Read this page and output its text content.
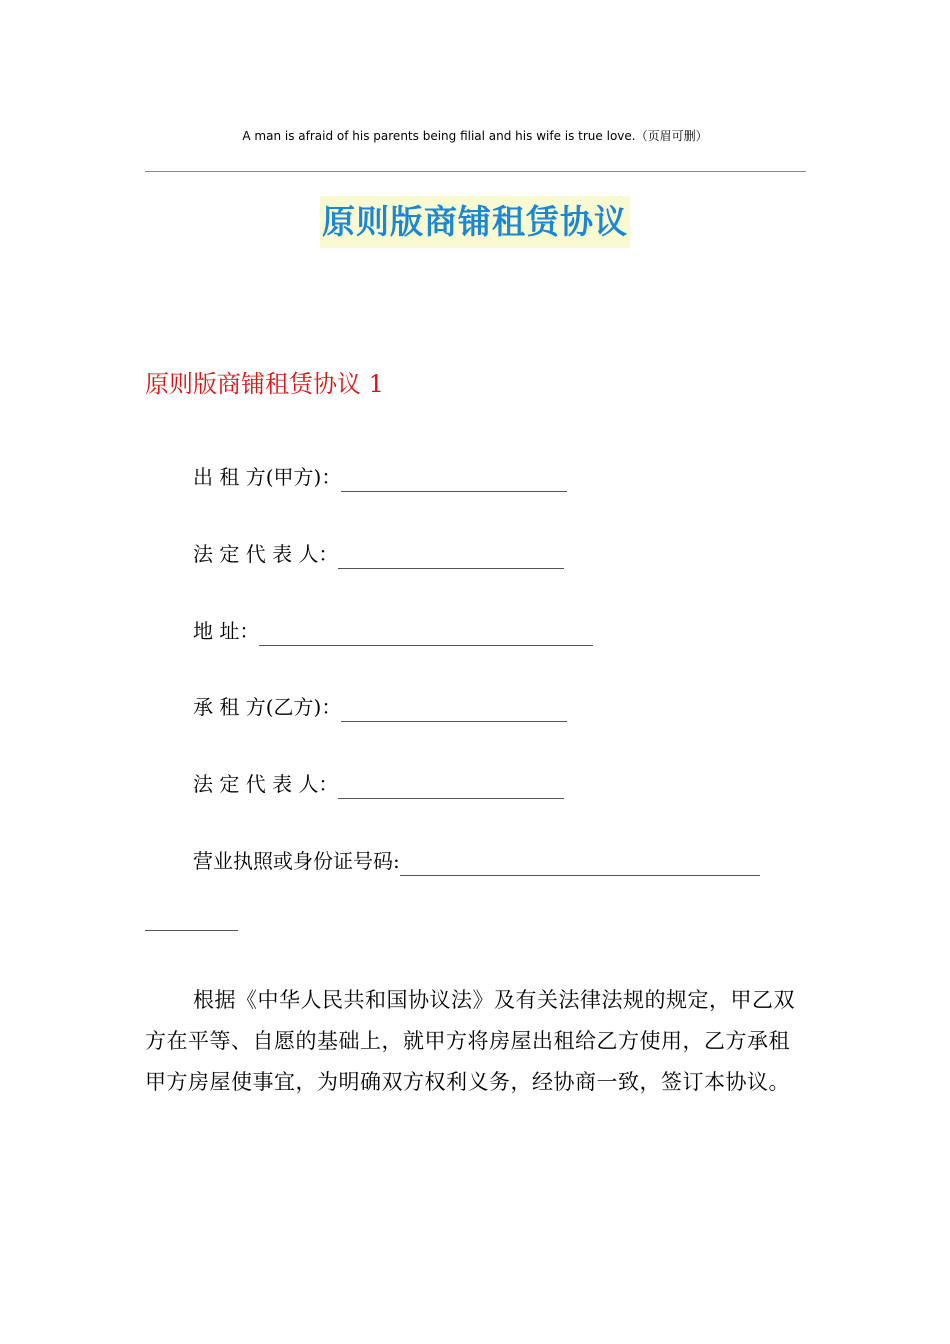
A man is afraid of his parents being filial and his wife is true love.（页眉可删）
原则版商铺租赁协议
原则版商铺租赁协议 1
出 租 方(甲方)：
法 定 代 表 人：
地 址：
承 租 方(乙方)：
法 定 代 表 人：
营业执照或身份证号码:

根据《中华人民共和国协议法》及有关法律法规的规定，甲乙双方在平等、自愿的基础上，就甲方将房屋出租给乙方使用，乙方承租甲方房屋使事宜，为明确双方权利义务，经协商一致，签订本协议。
